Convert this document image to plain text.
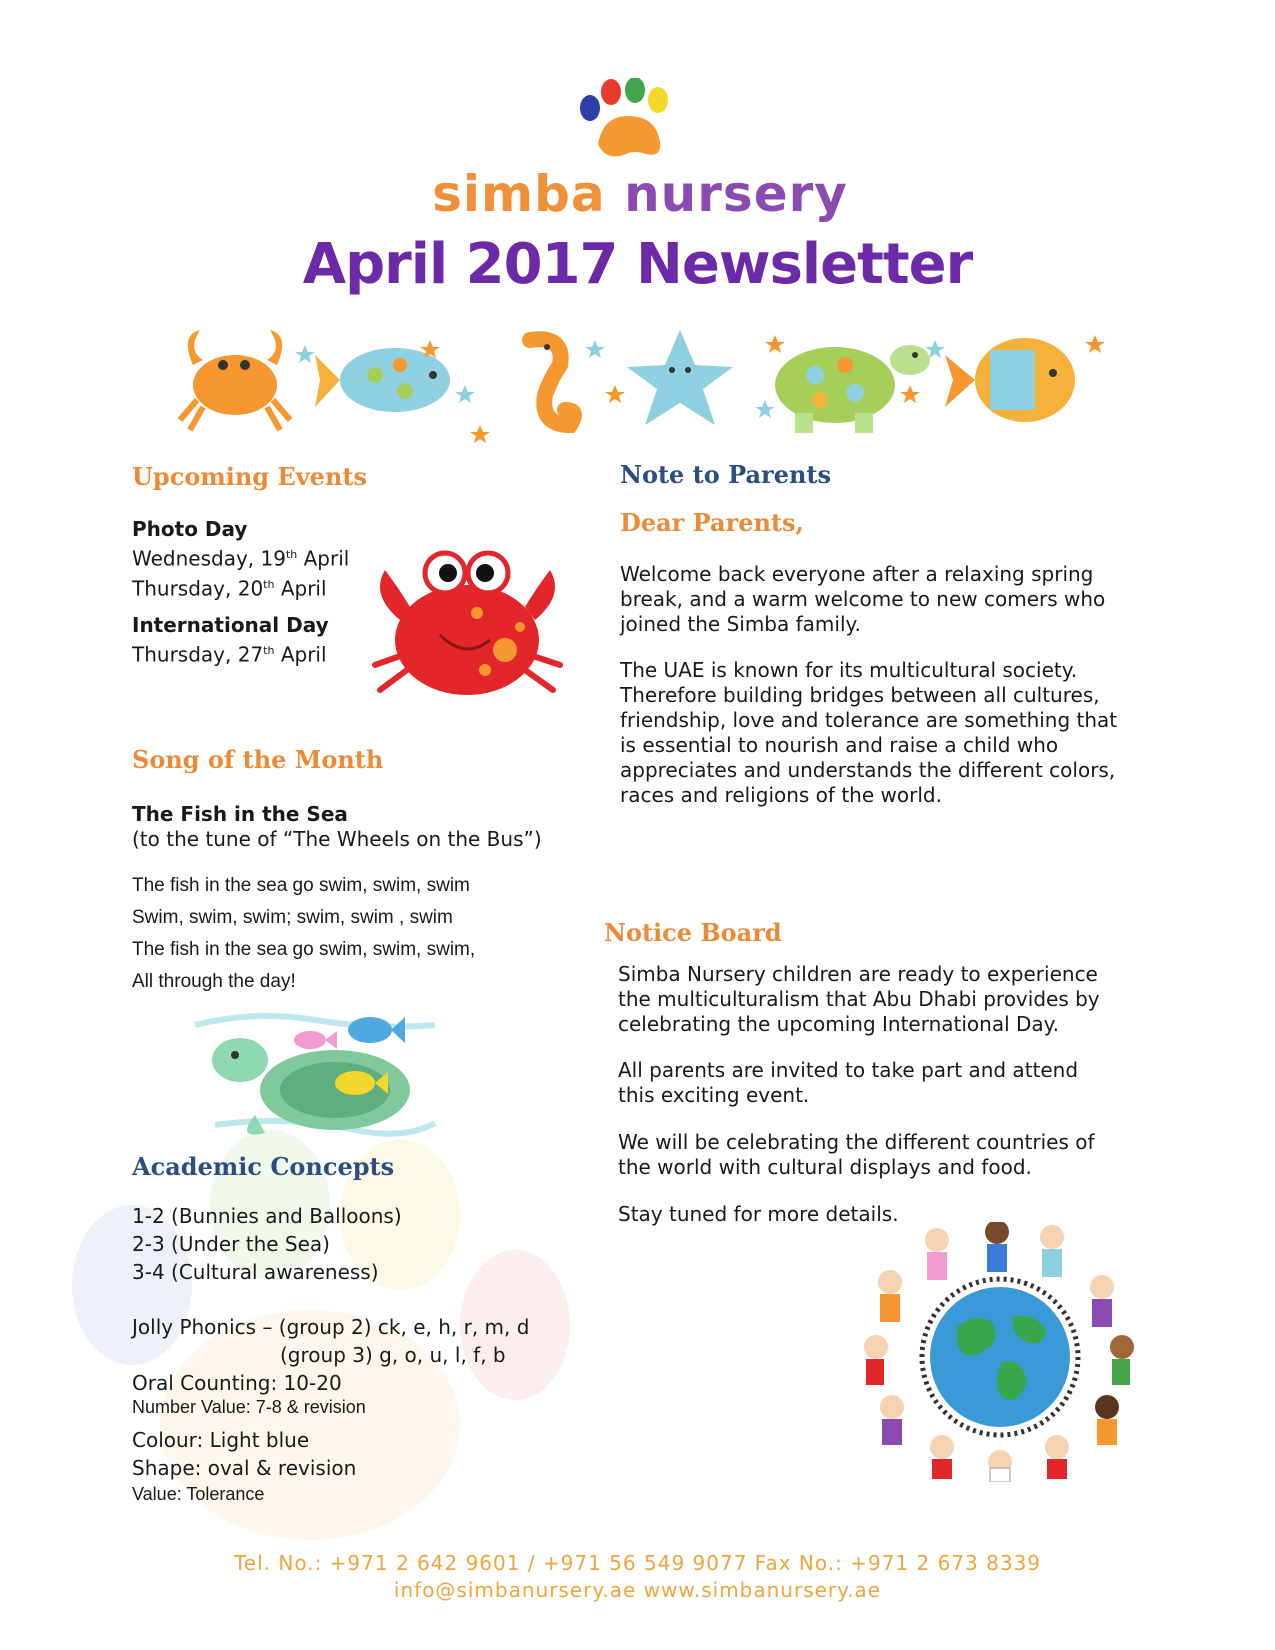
simba nursery
April 2017 Newsletter
Upcoming Events
Photo Day
Wednesday, 19th April
Thursday, 20th April
International Day
Thursday, 27th April
Song of the Month
The Fish in the Sea
(to the tune of “The Wheels on the Bus”)
The fish in the sea go swim, swim, swim
Swim, swim, swim; swim, swim , swim
The fish in the sea go swim, swim, swim,
All through the day!
Academic Concepts
1-2 (Bunnies and Balloons)
2-3 (Under the Sea)
3-4 (Cultural awareness)
Jolly Phonics – (group 2) ck, e, h, r, m, d
(group 3) g, o, u, l, f, b
Oral Counting: 10-20
Number Value: 7-8 & revision
Colour: Light blue
Shape: oval & revision
Value: Tolerance
Note to Parents
Dear Parents,
Welcome back everyone after a relaxing spring
break, and a warm welcome to new comers who
joined the Simba family.
The UAE is known for its multicultural society.
Therefore building bridges between all cultures,
friendship, love and tolerance are something that
is essential to nourish and raise a child who
appreciates and understands the different colors,
races and religions of the world.
Notice Board
Simba Nursery children are ready to experience
the multiculturalism that Abu Dhabi provides by
celebrating the upcoming International Day.
All parents are invited to take part and attend
this exciting event.
We will be celebrating the different countries of
the world with cultural displays and food.
Stay tuned for more details.
Tel. No.: +971 2 642 9601 / +971 56 549 9077 Fax No.: +971 2 673 8339
info@simbanursery.ae www.simbanursery.ae
